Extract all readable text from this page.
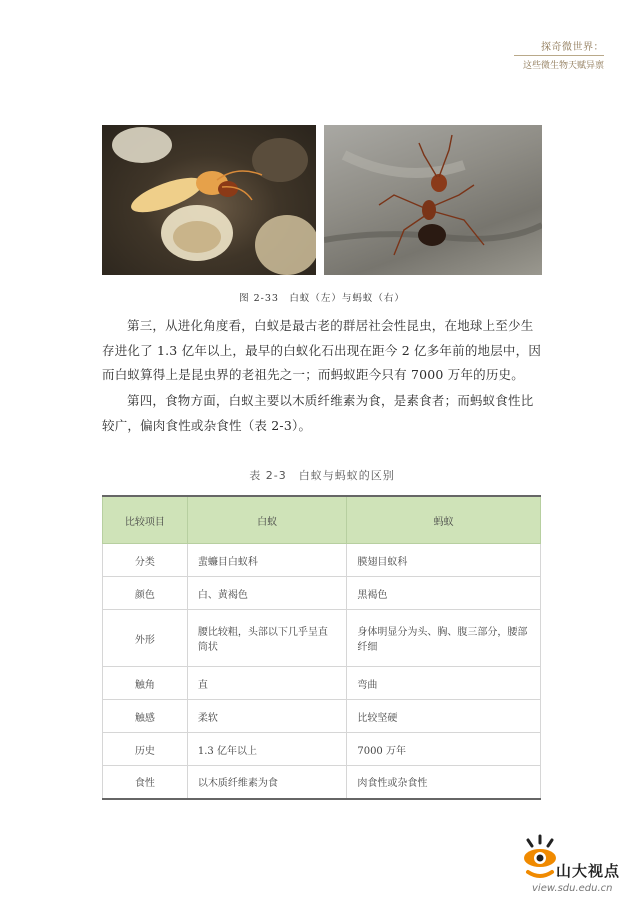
探奇微世界：
这些微生物天赋异禀
图 2-33　白蚁（左）与蚂蚁（右）

第三，从进化角度看，白蚁是最古老的群居社会性昆虫，在地球上至少生存进化了 1.3 亿年以上，最早的白蚁化石出现在距今 2 亿多年前的地层中，因而白蚁算得上是昆虫界的老祖先之一；而蚂蚁距今只有 7000 万年的历史。

第四，食物方面，白蚁主要以木质纤维素为食，是素食者；而蚂蚁食性比较广，偏肉食性或杂食性（表 2-3）。

表 2-3　白蚁与蚂蚁的区别
比较项目	白蚁	蚂蚁
分类	蜚蠊目白蚁科	膜翅目蚁科
颜色	白、黄褐色	黑褐色
外形	腰比较粗，头部以下几乎呈直筒状	身体明显分为头、胸、腹三部分，腰部纤细
触角	直	弯曲
触感	柔软	比较坚硬
历史	1.3 亿年以上	7000 万年
食性	以木质纤维素为食	肉食性或杂食性
山大视点
view.sdu.edu.cn
